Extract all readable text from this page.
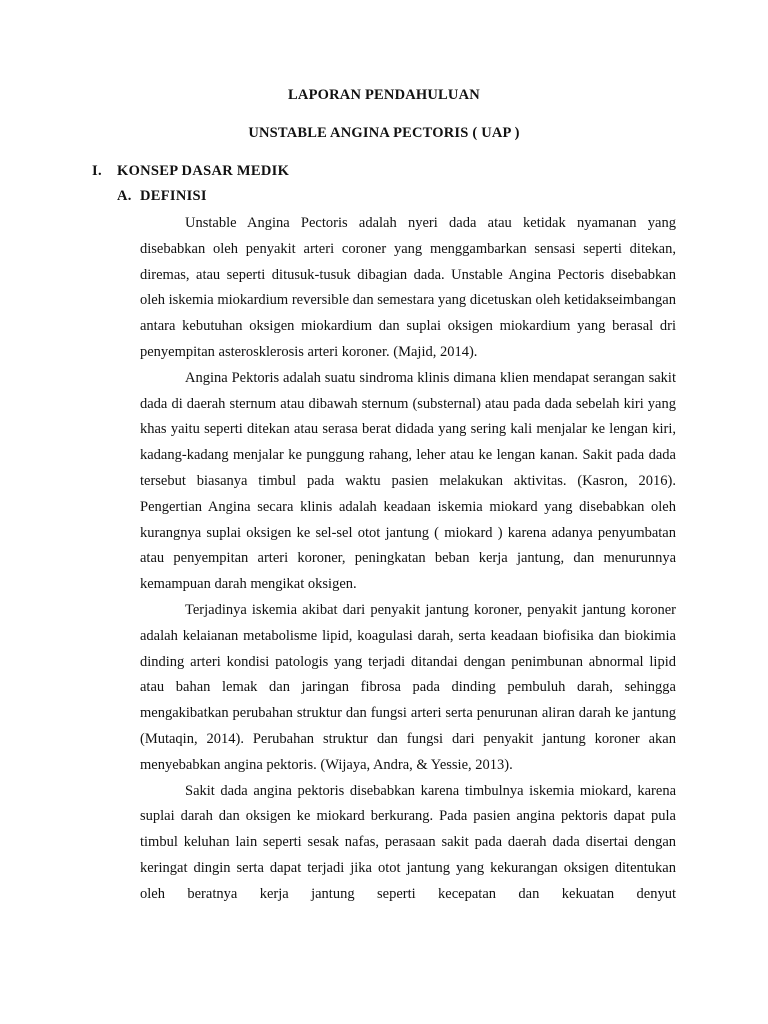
LAPORAN PENDAHULUAN
UNSTABLE ANGINA PECTORIS ( UAP )
I. KONSEP DASAR MEDIK
A. DEFINISI

Unstable Angina Pectoris adalah nyeri dada atau ketidak nyamanan yang disebabkan oleh penyakit arteri coroner yang menggambarkan sensasi seperti ditekan, diremas, atau seperti ditusuk-tusuk dibagian dada. Unstable Angina Pectoris disebabkan oleh iskemia miokardium reversible dan semestara yang dicetuskan oleh ketidakseimbangan antara kebutuhan oksigen miokardium dan suplai oksigen miokardium yang berasal dri penyempitan asterosklerosis arteri koroner. (Majid, 2014).

Angina Pektoris adalah suatu sindroma klinis dimana klien mendapat serangan sakit dada di daerah sternum atau dibawah sternum (substernal) atau pada dada sebelah kiri yang khas yaitu seperti ditekan atau serasa berat didada yang sering kali menjalar ke lengan kiri, kadang-kadang menjalar ke punggung rahang, leher atau ke lengan kanan. Sakit pada dada tersebut biasanya timbul pada waktu pasien melakukan aktivitas. (Kasron, 2016). Pengertian Angina secara klinis adalah keadaan iskemia miokard yang disebabkan oleh kurangnya suplai oksigen ke sel-sel otot jantung ( miokard ) karena adanya penyumbatan atau penyempitan arteri koroner, peningkatan beban kerja jantung, dan menurunnya kemampuan darah mengikat oksigen.

Terjadinya iskemia akibat dari penyakit jantung koroner, penyakit jantung koroner adalah kelaianan metabolisme lipid, koagulasi darah, serta keadaan biofisika dan biokimia dinding arteri kondisi patologis yang terjadi ditandai dengan penimbunan abnormal lipid atau bahan lemak dan jaringan fibrosa pada dinding pembuluh darah, sehingga mengakibatkan perubahan struktur dan fungsi arteri serta penurunan aliran darah ke jantung (Mutaqin, 2014). Perubahan struktur dan fungsi dari penyakit jantung koroner akan menyebabkan angina pektoris. (Wijaya, Andra, & Yessie, 2013).

Sakit dada angina pektoris disebabkan karena timbulnya iskemia miokard, karena suplai darah dan oksigen ke miokard berkurang. Pada pasien angina pektoris dapat pula timbul keluhan lain seperti sesak nafas, perasaan sakit pada daerah dada disertai dengan keringat dingin serta dapat terjadi jika otot jantung yang kekurangan oksigen ditentukan oleh beratnya kerja jantung seperti kecepatan dan kekuatan denyut
